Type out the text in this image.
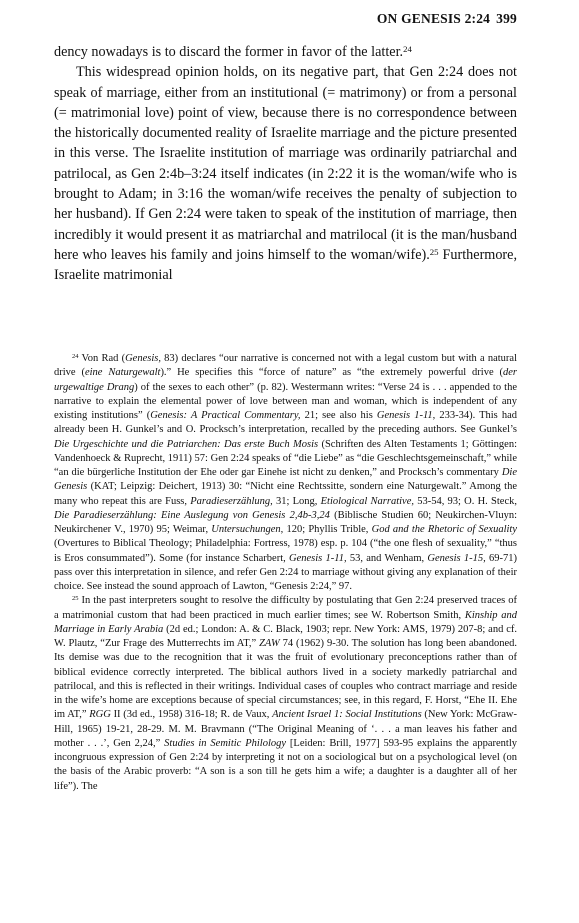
ON GENESIS 2:24 399

dency nowadays is to discard the former in favor of the latter.$^{24}$

This widespread opinion holds, on its negative part, that Gen 2:24 does not speak of marriage, either from an institutional (= matrimony) or from a personal (= matrimonial love) point of view, because there is no correspondence between the historically documented reality of Israelite marriage and the picture presented in this verse. The Israelite institution of marriage was ordinarily patriarchal and patrilocal, as Gen 2:4b–3:24 itself indicates (in 2:22 it is the woman/wife who is brought to Adam; in 3:16 the woman/wife receives the penalty of subjection to her husband). If Gen 2:24 were taken to speak of the institution of marriage, then incredibly it would present it as matriarchal and matrilocal (it is the man/husband here who leaves his family and joins himself to the woman/wife).$^{25}$ Furthermore, Israelite matrimonial

$^{24}$ Von Rad (Genesis, 83) declares “our narrative is concerned not with a legal custom but with a natural drive (eine Naturgewalt).” He specifies this “force of nature” as “the extremely powerful drive (der urgewaltige Drang) of the sexes to each other” (p. 82). Westermann writes: “Verse 24 is . . . appended to the narrative to explain the elemental power of love between man and woman, which is independent of any existing institutions” (Genesis: A Practical Commentary, 21; see also his Genesis 1-11, 233-34). This had already been H. Gunkel’s and O. Procksch’s interpretation, recalled by the preceding authors. See Gunkel’s Die Urgeschichte und die Patriarchen: Das erste Buch Mosis (Schriften des Alten Testaments 1; Göttingen: Vandenhoeck & Ruprecht, 1911) 57: Gen 2:24 speaks of “die Liebe” as “die Geschlechtsgemeinschaft,” while “an die bürgerliche Institution der Ehe oder gar Einehe ist nicht zu denken,” and Procksch’s commentary Die Genesis (KAT; Leipzig: Deichert, 1913) 30: “Nicht eine Rechtssitte, sondern eine Naturgewalt.” Among the many who repeat this are Fuss, Paradieserzählung, 31; Long, Etiological Narrative, 53-54, 93; O. H. Steck, Die Paradieserzählung: Eine Auslegung von Genesis 2,4b-3,24 (Biblische Studien 60; Neukirchen-Vluyn: Neukirchener V., 1970) 95; Weimar, Untersuchungen, 120; Phyllis Trible, God and the Rhetoric of Sexuality (Overtures to Biblical Theology; Philadelphia: Fortress, 1978) esp. p. 104 (“the one flesh of sexuality,” “thus is Eros consummated”). Some (for instance Scharbert, Genesis 1-11, 53, and Wenham, Genesis 1-15, 69-71) pass over this interpretation in silence, and refer Gen 2:24 to marriage without giving any explanation of their choice. See instead the sound approach of Lawton, “Genesis 2:24,” 97.

$^{25}$ In the past interpreters sought to resolve the difficulty by postulating that Gen 2:24 preserved traces of a matrimonial custom that had been practiced in much earlier times; see W. Robertson Smith, Kinship and Marriage in Early Arabia (2d ed.; London: A. & C. Black, 1903; repr. New York: AMS, 1979) 207-8; and cf. W. Plautz, “Zur Frage des Mutterrechts im AT,” ZAW 74 (1962) 9-30. The solution has long been abandoned. Its demise was due to the recognition that it was the fruit of evolutionary preconceptions rather than of biblical evidence correctly interpreted. The biblical authors lived in a society markedly patriarchal and patrilocal, and this is reflected in their writings. Individual cases of couples who contract marriage and reside in the wife’s home are exceptions because of special circumstances; see, in this regard, F. Horst, “Ehe II. Ehe im AT,” RGG II (3d ed., 1958) 316-18; R. de Vaux, Ancient Israel 1: Social Institutions (New York: McGraw-Hill, 1965) 19-21, 28-29. M. M. Bravmann (“The Original Meaning of ‘. . . a man leaves his father and mother . . .’, Gen 2,24,” Studies in Semitic Philology [Leiden: Brill, 1977] 593-95 explains the apparently incongruous expression of Gen 2:24 by interpreting it not on a sociological but on a psychological level (on the basis of the Arabic proverb: “A son is a son till he gets him a wife; a daughter is a daughter all of her life”). The
